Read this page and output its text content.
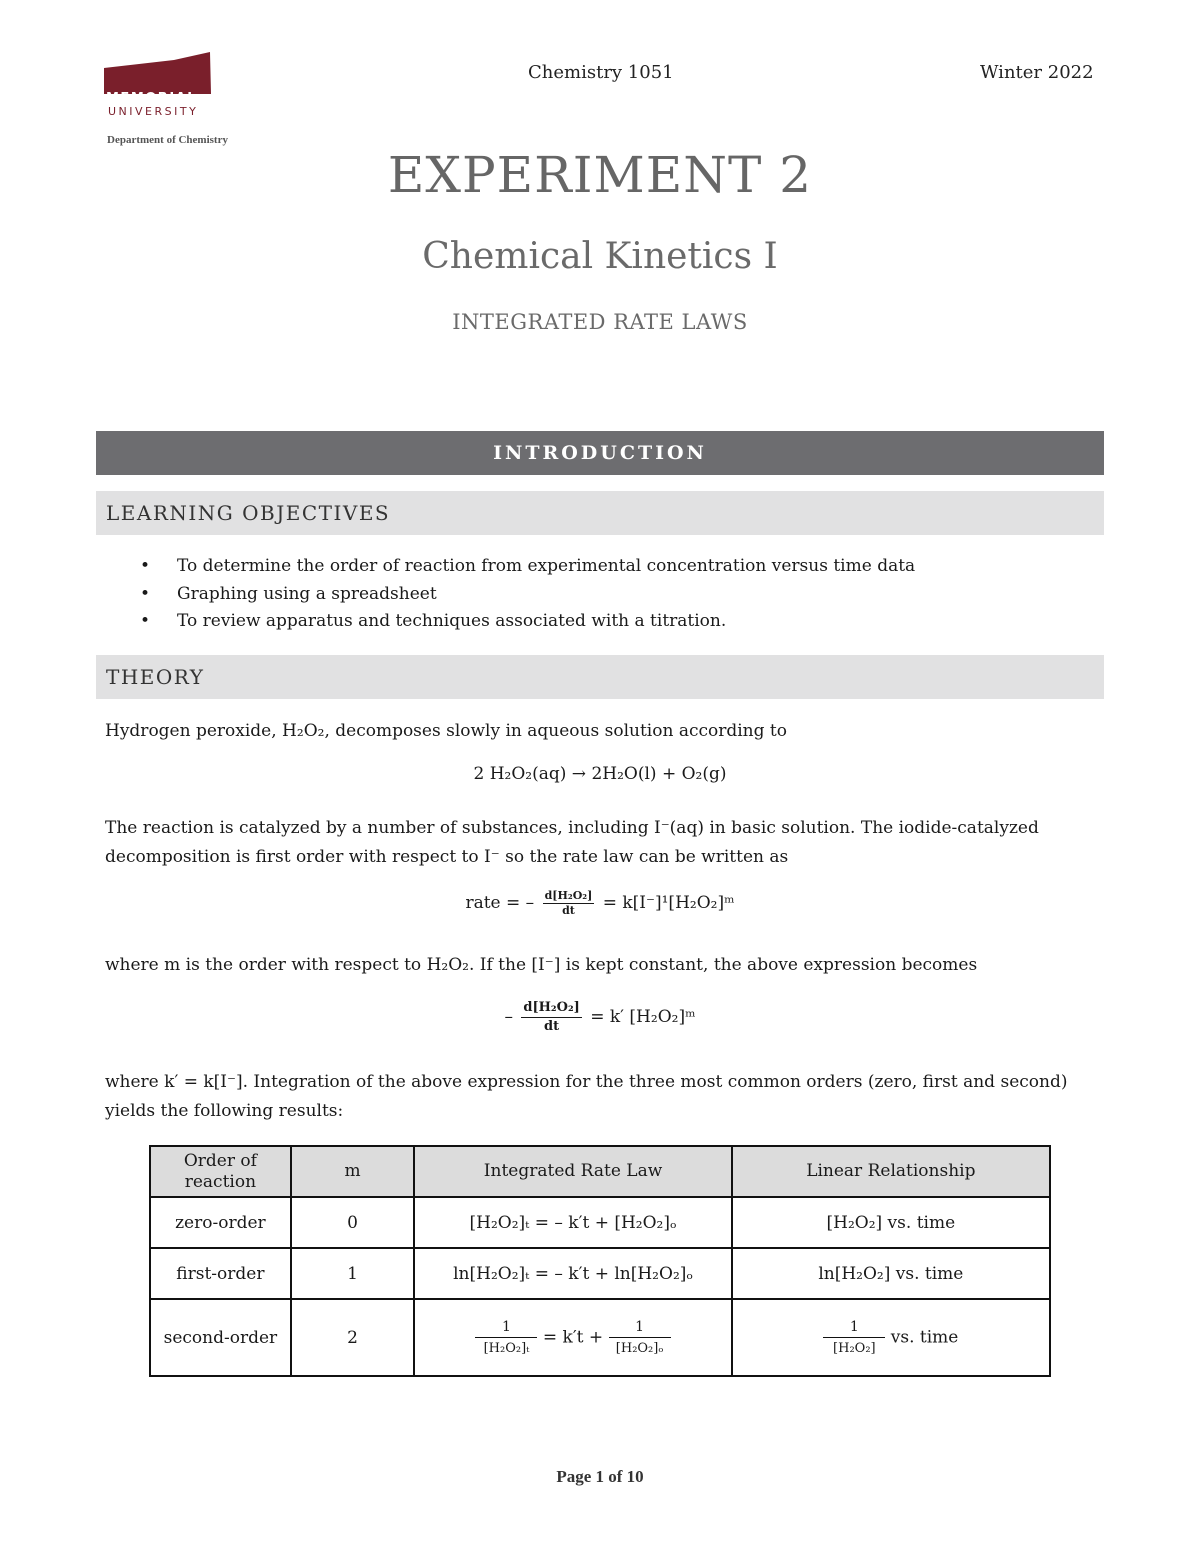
MEMORIAL
UNIVERSITY
Department of Chemistry
Chemistry 1051	Winter 2022
EXPERIMENT 2
Chemical Kinetics I
INTEGRATED RATE LAWS
INTRODUCTION
LEARNING OBJECTIVES
• To determine the order of reaction from experimental concentration versus time data
• Graphing using a spreadsheet
• To review apparatus and techniques associated with a titration.
THEORY
Hydrogen peroxide, H₂O₂, decomposes slowly in aqueous solution according to
2 H₂O₂(aq) → 2H₂O(l) + O₂(g)
The reaction is catalyzed by a number of substances, including I⁻(aq) in basic solution. The iodide-catalyzed decomposition is first order with respect to I⁻ so the rate law can be written as
rate = – $\frac{\text{d[H₂O₂]}}{dt}$ = k[I⁻]¹[H₂O₂]ᵐ
where m is the order with respect to H₂O₂. If the [I⁻] is kept constant, the above expression becomes
– $\frac{\text{d[H₂O₂]}}{dt} = k'$ [H₂O₂]ᵐ
where k′ = k[I⁻]. Integration of the above expression for the three most common orders (zero, first and second) yields the following results:
Order of reaction	m	Integrated Rate Law	Linear Relationship
zero-order	0	[H₂O₂]ₜ = – k′t + [H₂O₂]ₒ	[H₂O₂] vs. time
first-order	1	ln[H₂O₂]ₜ = – k′t + ln[H₂O₂]ₒ	ln[H₂O₂] vs. time
second-order	2	$\frac{1}{\text{[H₂O₂]ₜ}} = k't + \frac{1}{\text{[H₂O₂]ₒ}}$	$\frac{1}{\text{[H₂O₂]}}$ vs. time
Page 1 of 10
